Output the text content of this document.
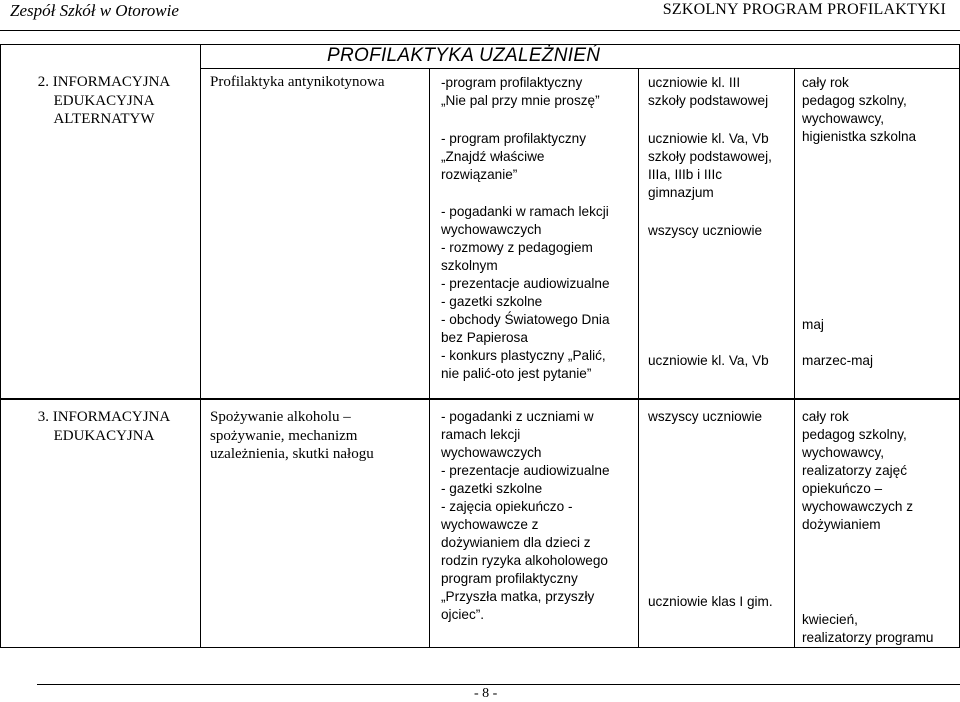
Zespół Szkół w Otorowie	SZKOLNY PROGRAM PROFILAKTYKI
PROFILAKTYKA UZALEŻNIEŃ
2. INFORMACYJNA
EDUKACYJNA
ALTERNATYW
Profilaktyka antynikotynowa	-program profilaktyczny
„Nie pal przy mnie proszę”
- program profilaktyczny
„Znajdź właściwe
rozwiązanie”
- pogadanki w ramach lekcji
wychowawczych
- rozmowy z pedagogiem
szkolnym
- prezentacje audiowizualne
- gazetki szkolne
- obchody Światowego Dnia
bez Papierosa
- konkurs plastyczny „Palić,
nie palić-oto jest pytanie”
uczniowie kl. III
szkoły podstawowej
uczniowie kl. Va, Vb
szkoły podstawowej,
IIIa, IIIb i IIIc
gimnazjum
wszyscy uczniowie
uczniowie kl. Va, Vb
cały rok
pedagog szkolny,
wychowawcy,
higienistka szkolna
maj
marzec-maj
3. INFORMACYJNA
EDUKACYJNA
Spożywanie alkoholu –
spożywanie, mechanizm
uzależnienia, skutki nałogu
- pogadanki z uczniami w
ramach lekcji
wychowawczych
- prezentacje audiowizualne
- gazetki szkolne
- zajęcia opiekuńczo -
wychowawcze z
dożywianiem dla dzieci z
rodzin ryzyka alkoholowego
program profilaktyczny
„Przyszła matka, przyszły
ojciec”.
wszyscy uczniowie
uczniowie klas I gim.
cały rok
pedagog szkolny,
wychowawcy,
realizatorzy zajęć
opiekuńczo –
wychowawczych z
dożywianiem
kwiecień,
realizatorzy programu
- 8 -
